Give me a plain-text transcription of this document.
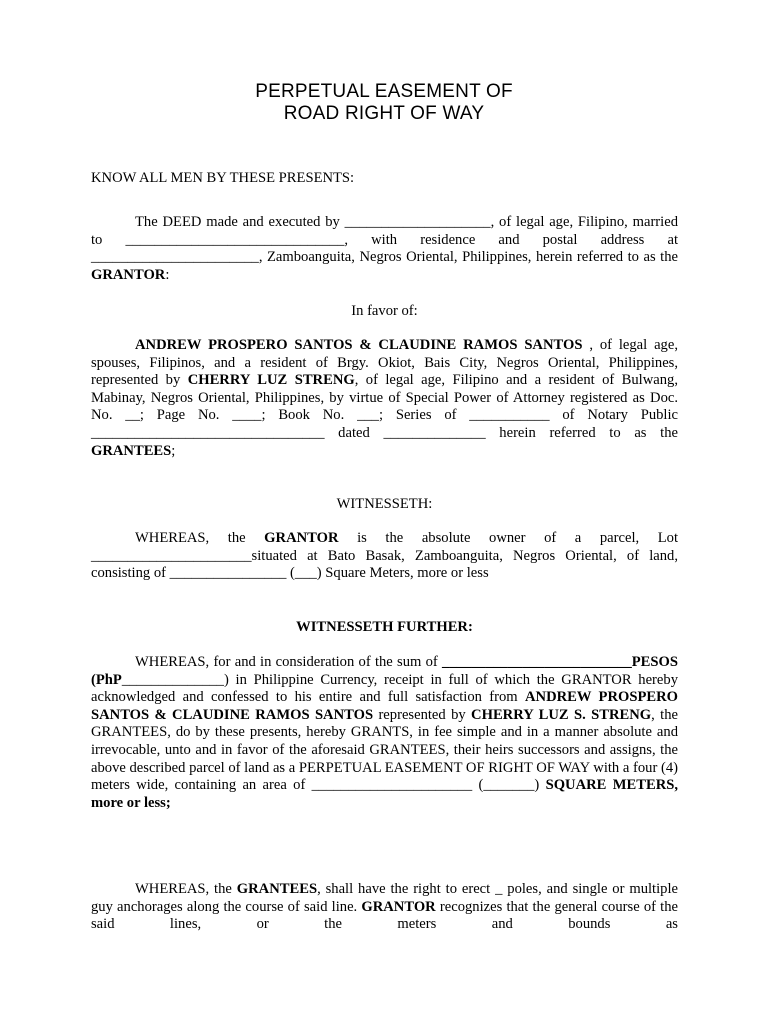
PERPETUAL EASEMENT OF
ROAD RIGHT OF WAY

KNOW ALL MEN BY THESE PRESENTS:

The DEED made and executed by ____________________, of legal age, Filipino, married to ______________________________, with residence and postal address at _______________________, Zamboanguita, Negros Oriental, Philippines, herein referred to as the GRANTOR:

In favor of:

ANDREW PROSPERO SANTOS & CLAUDINE RAMOS SANTOS , of legal age, spouses, Filipinos, and a resident of Brgy. Okiot, Bais City, Negros Oriental, Philippines, represented by CHERRY LUZ STRENG, of legal age, Filipino and a resident of Bulwang, Mabinay, Negros Oriental, Philippines, by virtue of Special Power of Attorney registered as Doc. No. __; Page No. ____; Book No. ___; Series of ___________ of Notary Public ________________________________ dated ______________ herein referred to as the GRANTEES;

WITNESSETH:

WHEREAS, the GRANTOR is the absolute owner of a parcel, Lot ______________________situated at Bato Basak, Zamboanguita, Negros Oriental, of land, consisting of ________________ (___) Square Meters, more or less

WITNESSETH FURTHER:

WHEREAS, for and in consideration of the sum of __________________________PESOS (PhP______________) in Philippine Currency, receipt in full of which the GRANTOR hereby acknowledged and confessed to his entire and full satisfaction from ANDREW PROSPERO SANTOS & CLAUDINE RAMOS SANTOS represented by CHERRY LUZ S. STRENG, the GRANTEES, do by these presents, hereby GRANTS, in fee simple and in a manner absolute and irrevocable, unto and in favor of the aforesaid GRANTEES, their heirs successors and assigns, the above described parcel of land as a PERPETUAL EASEMENT OF RIGHT OF WAY with a four (4) meters wide, containing an area of ______________________ (_______) SQUARE METERS, more or less;

WHEREAS, the GRANTEES, shall have the right to erect _ poles, and single or multiple guy anchorages along the course of said line. GRANTOR recognizes that the general course of the said lines, or the meters and bounds as
